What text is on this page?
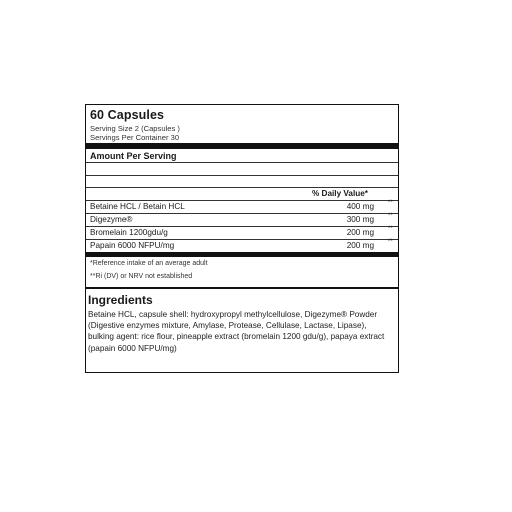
60 Capsules
Serving Size 2 (Capsules )
Servings Per Container 30
Amount Per Serving
% Daily Value*
Betaine HCL / Betain HCL	400 mg **
Digezyme®	300 mg **
Bromelain 1200gdu/g	200 mg **
Papain 6000 NFPU/mg	200 mg **
*Reference intake of an average adult
**Ri (DV) or NRV not established
Ingredients
Betaine HCL, capsule shell: hydroxypropyl methylcellulose, Digezyme® Powder (Digestive enzymes mixture, Amylase, Protease, Cellulase, Lactase, Lipase), bulking agent: rice flour, pineapple extract (bromelain 1200 gdu/g), papaya extract (papain 6000 NFPU/mg)
